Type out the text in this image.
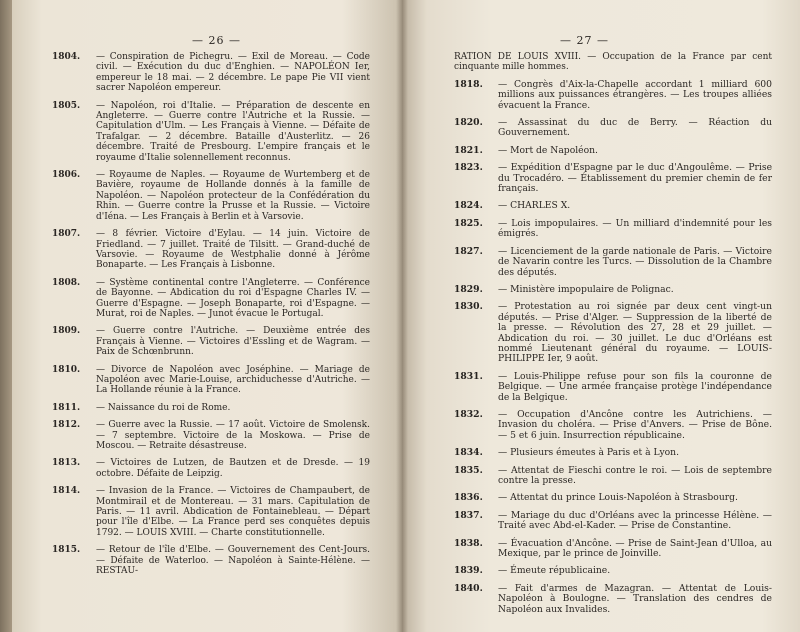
— 26 —
1804. — Conspiration de Pichegru. — Exil de Moreau. — Code civil. — Exécution du duc d'Enghien. — NAPOLÉON Ier, empereur le 18 mai. — 2 décembre. Le pape Pie VII vient sacrer Napoléon empereur.
1805. — Napoléon, roi d'Italie. — Préparation de descente en Angleterre. — Guerre contre l'Autriche et la Russie. — Capitulation d'Ulm. — Les Français à Vienne. — Défaite de Trafalgar. — 2 décembre. Bataille d'Austerlitz. — 26 décembre. Traité de Presbourg. L'empire français et le royaume d'Italie solennellement reconnus.
1806. — Royaume de Naples. — Royaume de Wurtemberg et de Bavière, royaume de Hollande donnés à la famille de Napoléon. — Napoléon protecteur de la Confédération du Rhin. — Guerre contre la Prusse et la Russie. — Victoire d'Iéna. — Les Français à Berlin et à Varsovie.
1807. — 8 février. Victoire d'Eylau. — 14 juin. Victoire de Friedland. — 7 juillet. Traité de Tilsitt. — Grand-duché de Varsovie. — Royaume de Westphalie donné à Jérôme Bonaparte. — Les Français à Lisbonne.
1808. — Système continental contre l'Angleterre. — Conférence de Bayonne. — Abdication du roi d'Espagne Charles IV. — Guerre d'Espagne. — Joseph Bonaparte, roi d'Espagne. — Murat, roi de Naples. — Junot évacue le Portugal.
1809. — Guerre contre l'Autriche. — Deuxième entrée des Français à Vienne. — Victoires d'Essling et de Wagram. — Paix de Schœnbrunn.
1810. — Divorce de Napoléon avec Joséphine. — Mariage de Napoléon avec Marie-Louise, archiduchesse d'Autriche. — La Hollande réunie à la France.
1811. — Naissance du roi de Rome.
1812. — Guerre avec la Russie. — 17 août. Victoire de Smolensk. — 7 septembre. Victoire de la Moskowa. — Prise de Moscou. — Retraite désastreuse.
1813. — Victoires de Lutzen, de Bautzen et de Dresde. — 19 octobre. Défaite de Leipzig.
1814. — Invasion de la France. — Victoires de Champaubert, de Montmirail et de Montereau. — 31 mars. Capitulation de Paris. — 11 avril. Abdication de Fontainebleau. — Départ pour l'île d'Elbe. — La France perd ses conquêtes depuis 1792. — LOUIS XVIII. — Charte constitutionnelle.
1815. — Retour de l'île d'Elbe. — Gouvernement des Cent-Jours. — Défaite de Waterloo. — Napoléon à Sainte-Hélène. — RESTAU-
— 27 —
RATION DE LOUIS XVIII. — Occupation de la France par cent cinquante mille hommes.
1818. — Congrès d'Aix-la-Chapelle accordant 1 milliard 600 millions aux puissances étrangères. — Les troupes alliées évacuent la France.
1820. — Assassinat du duc de Berry. — Réaction du Gouvernement.
1821. — Mort de Napoléon.
1823. — Expédition d'Espagne par le duc d'Angoulême. — Prise du Trocadéro. — Établissement du premier chemin de fer français.
1824. — CHARLES X.
1825. — Lois impopulaires. — Un milliard d'indemnité pour les émigrés.
1827. — Licenciement de la garde nationale de Paris. — Victoire de Navarin contre les Turcs. — Dissolution de la Chambre des députés.
1829. — Ministère impopulaire de Polignac.
1830. — Protestation au roi signée par deux cent vingt-un députés. — Prise d'Alger. — Suppression de la liberté de la presse. — Révolution des 27, 28 et 29 juillet. — Abdication du roi. — 30 juillet. Le duc d'Orléans est nommé Lieutenant général du royaume. — LOUIS-PHILIPPE Ier, 9 août.
1831. — Louis-Philippe refuse pour son fils la couronne de Belgique. — Une armée française protège l'indépendance de la Belgique.
1832. — Occupation d'Ancône contre les Autrichiens. — Invasion du choléra. — Prise d'Anvers. — Prise de Bône. — 5 et 6 juin. Insurrection républicaine.
1834. — Plusieurs émeutes à Paris et à Lyon.
1835. — Attentat de Fieschi contre le roi. — Lois de septembre contre la presse.
1836. — Attentat du prince Louis-Napoléon à Strasbourg.
1837. — Mariage du duc d'Orléans avec la princesse Hélène. — Traité avec Abd-el-Kader. — Prise de Constantine.
1838. — Évacuation d'Ancône. — Prise de Saint-Jean d'Ulloa, au Mexique, par le prince de Joinville.
1839. — Émeute républicaine.
1840. — Fait d'armes de Mazagran. — Attentat de Louis-Napoléon à Boulogne. — Translation des cendres de Napoléon aux Invalides.
